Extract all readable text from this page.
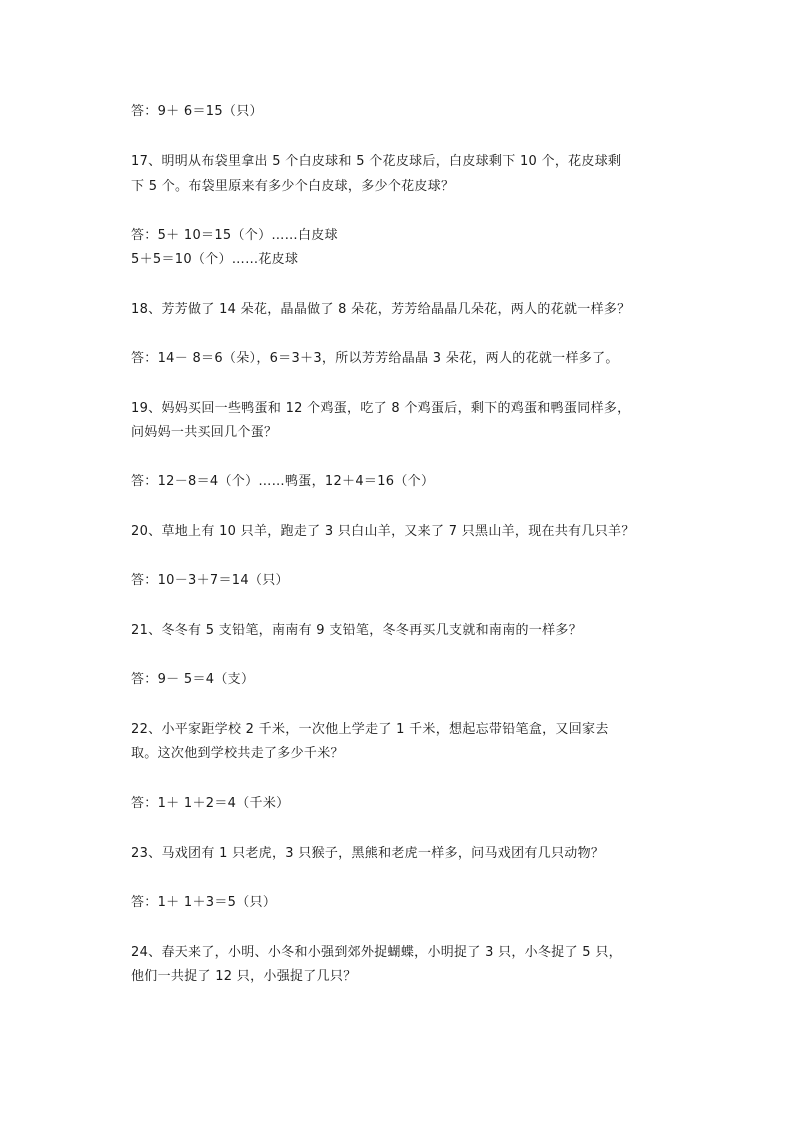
答：9＋ 6＝15（只）
17、明明从布袋里拿出 5 个白皮球和 5 个花皮球后，白皮球剩下 10 个，花皮球剩
下 5 个。布袋里原来有多少个白皮球，多少个花皮球？
答：5＋ 10＝15（个）……白皮球
5＋5＝10（个）……花皮球
18、芳芳做了 14 朵花，晶晶做了 8 朵花，芳芳给晶晶几朵花，两人的花就一样多？
答：14－ 8＝6（朵），6＝3＋3，所以芳芳给晶晶 3 朵花，两人的花就一样多了。
19、妈妈买回一些鸭蛋和 12 个鸡蛋，吃了 8 个鸡蛋后，剩下的鸡蛋和鸭蛋同样多，
问妈妈一共买回几个蛋？
答：12－8＝4（个）……鸭蛋，12＋4＝16（个）
20、草地上有 10 只羊，跑走了 3 只白山羊，又来了 7 只黑山羊，现在共有几只羊？
答：10－3＋7＝14（只）
21、冬冬有 5 支铅笔，南南有 9 支铅笔，冬冬再买几支就和南南的一样多？
答：9－ 5＝4（支）
22、小平家距学校 2 千米，一次他上学走了 1 千米，想起忘带铅笔盒，又回家去
取。这次他到学校共走了多少千米？
答：1＋ 1＋2＝4（千米）
23、马戏团有 1 只老虎，3 只猴子，黑熊和老虎一样多，问马戏团有几只动物？
答：1＋ 1＋3＝5（只）
24、春天来了，小明、小冬和小强到郊外捉蝴蝶，小明捉了 3 只，小冬捉了 5 只，
他们一共捉了 12 只，小强捉了几只？
